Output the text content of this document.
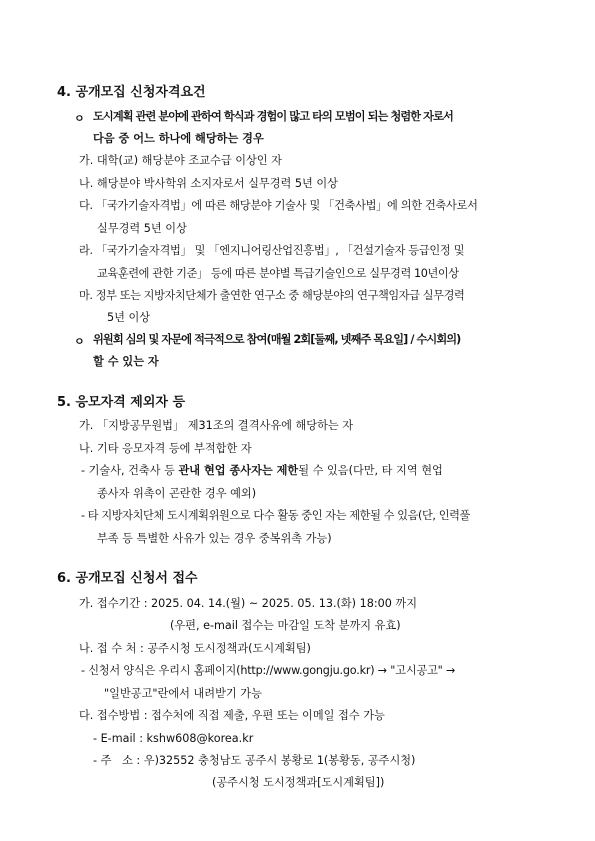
4. 공개모집 신청자격요건
ㅇ 도시계획 관련 분야에 관하여 학식과 경험이 많고 타의 모범이 되는 청렴한 자로서
다음 중 어느 하나에 해당하는 경우
가. 대학(교) 해당분야 조교수급 이상인 자
나. 해당분야 박사학위 소지자로서 실무경력 5년 이상
다. 「국가기술자격법」에 따른 해당분야 기술사 및 「건축사법」에 의한 건축사로서
실무경력 5년 이상
라. 「국가기술자격법」 및 「엔지니어링산업진흥법」, 「건설기술자 등급인정 및
교육훈련에 관한 기준」 등에 따른 분야별 특급기술인으로 실무경력 10년이상
마. 정부 또는 지방자치단체가 출연한 연구소 중 해당분야의 연구책임자급 실무경력
5년 이상
ㅇ 위원회 심의 및 자문에 적극적으로 참여(매월 2회[둘째, 넷째주 목요일] / 수시회의)
할 수 있는 자
5. 응모자격 제외자 등
가. 「지방공무원법」 제31조의 결격사유에 해당하는 자
나. 기타 응모자격 등에 부적합한 자
- 기술사, 건축사 등 관내 현업 종사자는 제한될 수 있음(다만, 타 지역 현업
종사자 위촉이 곤란한 경우 예외)
- 타 지방자치단체 도시계획위원으로 다수 활동 중인 자는 제한될 수 있음(단, 인력풀
부족 등 특별한 사유가 있는 경우 중복위촉 가능)
6. 공개모집 신청서 접수
가. 접수기간 : 2025. 04. 14.(월) ~ 2025. 05. 13.(화) 18:00 까지
(우편, e-mail 접수는 마감일 도착 분까지 유효)
나. 접 수 처 : 공주시청 도시정책과(도시계획팀)
- 신청서 양식은 우리시 홈페이지(http://www.gongju.go.kr) → "고시공고" →
"일반공고"란에서 내려받기 가능
다. 접수방법 : 접수처에 직접 제출, 우편 또는 이메일 접수 가능
- E-mail : kshw608@korea.kr
- 주   소 : 우)32552 충청남도 공주시 봉황로 1(봉황동, 공주시청)
(공주시청 도시정책과[도시계획팀])
